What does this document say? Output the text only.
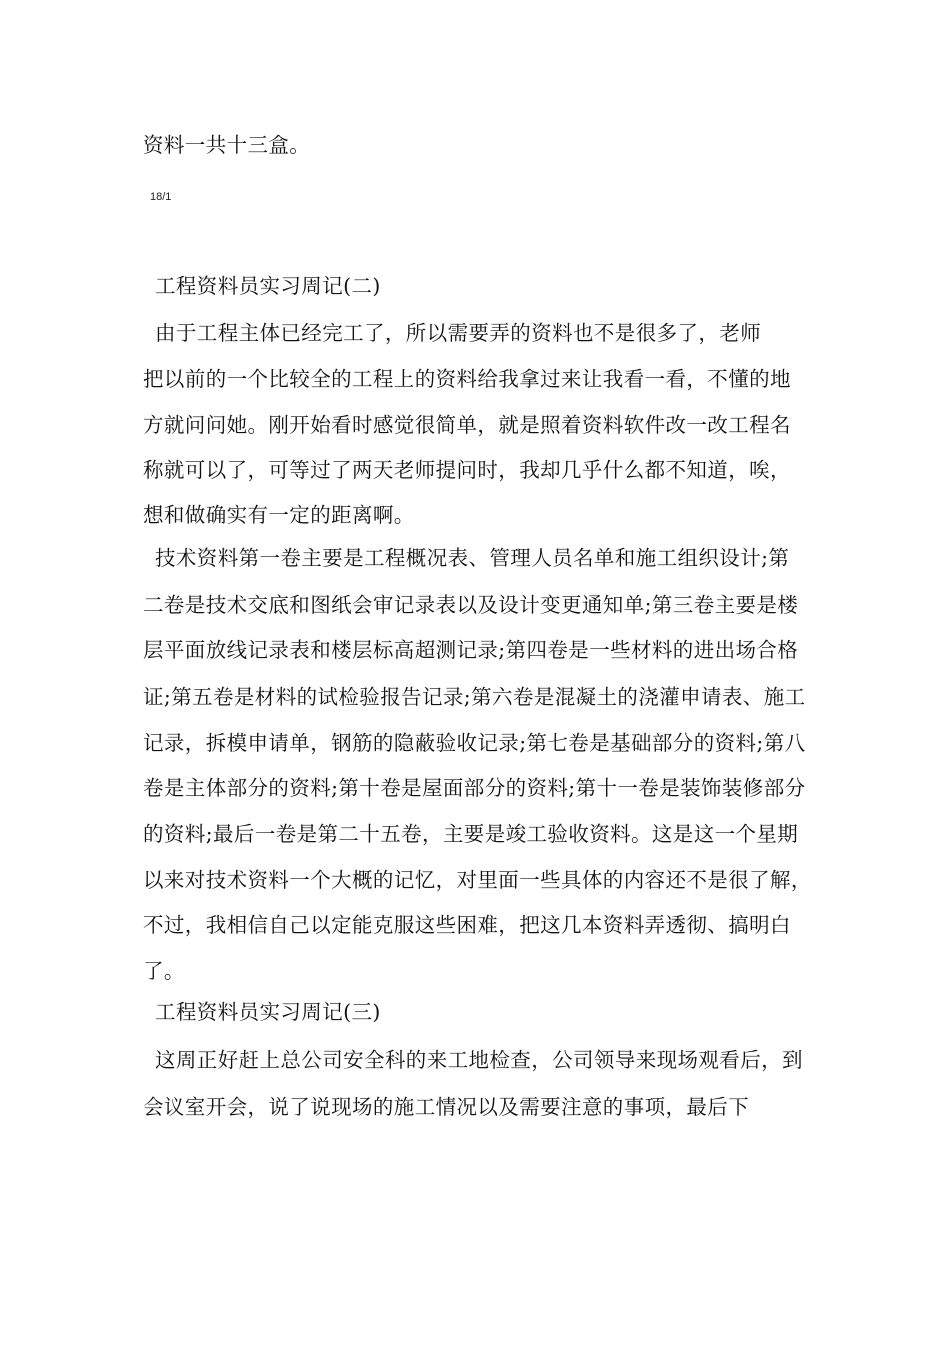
资料一共十三盒。
18/1
工程资料员实习周记(二)
由于工程主体已经完工了，所以需要弄的资料也不是很多了，老师
把以前的一个比较全的工程上的资料给我拿过来让我看一看，不懂的地
方就问问她。刚开始看时感觉很简单，就是照着资料软件改一改工程名
称就可以了，可等过了两天老师提问时，我却几乎什么都不知道，唉，
想和做确实有一定的距离啊。
技术资料第一卷主要是工程概况表、管理人员名单和施工组织设计;第
二卷是技术交底和图纸会审记录表以及设计变更通知单;第三卷主要是楼
层平面放线记录表和楼层标高超测记录;第四卷是一些材料的进出场合格
证;第五卷是材料的试检验报告记录;第六卷是混凝土的浇灌申请表、施工
记录，拆模申请单，钢筋的隐蔽验收记录;第七卷是基础部分的资料;第八
卷是主体部分的资料;第十卷是屋面部分的资料;第十一卷是装饰装修部分
的资料;最后一卷是第二十五卷，主要是竣工验收资料。这是这一个星期
以来对技术资料一个大概的记忆，对里面一些具体的内容还不是很了解，
不过，我相信自己以定能克服这些困难，把这几本资料弄透彻、搞明白
了。
工程资料员实习周记(三)
这周正好赶上总公司安全科的来工地检查，公司领导来现场观看后，到
会议室开会，说了说现场的施工情况以及需要注意的事项，最后下
